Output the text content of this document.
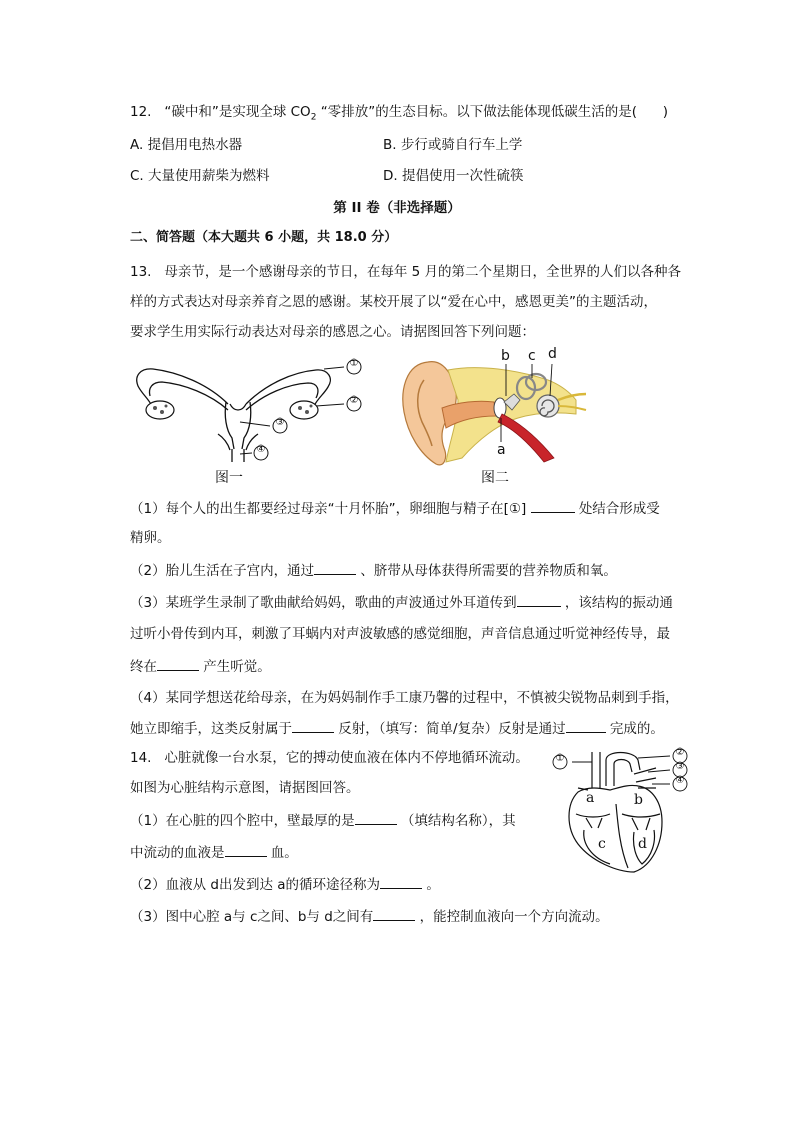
12.   “碳中和”是实现全球 $CO_2$ “零排放”的生态目标。以下做法能体现低碳生活的是(      )
A. 提倡用电热水器	B. 步行或骑自行车上学
C. 大量使用薪柴为燃料	D. 提倡使用一次性硫筷
第 II 卷（非选择题）
二、简答题（本大题共 6 小题，共 18.0 分）
13.   母亲节，是一个感谢母亲的节日，在每年 5 月的第二个星期日，全世界的人们以各种各
样的方式表达对母亲养育之恩的感谢。某校开展了以“爱在心中，感恩更美”的主题活动，
要求学生用实际行动表达对母亲的感恩之心。请据图回答下列问题：
①
②
③
④
图一
b c d
a
图二
（1）每个人的出生都要经过母亲“十月怀胎”，卵细胞与精子在[①]	处结合形成受
精卵。
（2）胎儿生活在子宫内，通过	、脐带从母体获得所需要的营养物质和氧。
（3）某班学生录制了歌曲献给妈妈，歌曲的声波通过外耳道传到	，该结构的振动通
过听小骨传到内耳，刺激了耳蜗内对声波敏感的感觉细胞，声音信息通过听觉神经传导，最
终在	产生听觉。
（4）某同学想送花给母亲，在为妈妈制作手工康乃馨的过程中，不慎被尖锐物品刺到手指，
她立即缩手，这类反射属于	反射，（填写：简单/复杂）反射是通过	完成的。
14.   心脏就像一台水泵，它的搏动使血液在体内不停地循环流动。
如图为心脏结构示意图，请据图回答。
（1）在心脏的四个腔中，壁最厚的是	（填结构名称），其
中流动的血液是	血。
（2）血液从 d出发到达 a的循环途径称为	。
（3）图中心腔 a与 c之间、b与 d之间有	，能控制血液向一个方向流动。
①
②
③
④
a	b
c d
